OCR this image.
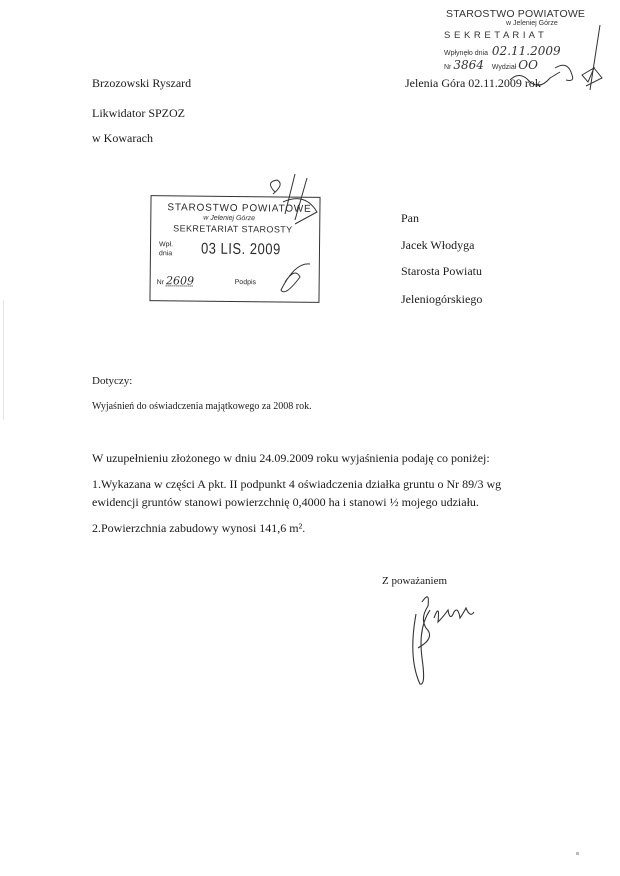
STAROSTWO POWIATOWE
w Jeleniej Górze
S E K R E T A R I A T
Wpłynęło dnia 02.11.2009
Nr 3864 Wydział OO
Brzozowski Ryszard
Likwidator SPZOZ
w Kowarach
Jelenia Góra 02.11.2009 rok
STAROSTWO POWIATOWE
w Jeleniej Górze
SEKRETARIAT STAROSTY
Wpł. dnia	03 LIS. 2009
Nr 2609	Podpis
Pan
Jacek Włodyga
Starosta Powiatu
Jeleniogórskiego
Dotyczy:
Wyjaśnień do oświadczenia majątkowego za 2008 rok.
W uzupełnieniu złożonego w dniu 24.09.2009 roku wyjaśnienia podaję co poniżej:
1.Wykazana w części A pkt. II podpunkt 4 oświadczenia działka gruntu o Nr 89/3 wg
ewidencji gruntów stanowi powierzchnię 0,4000 ha i stanowi ½ mojego udziału.
2.Powierzchnia zabudowy wynosi 141,6 m².
Z poważaniem
